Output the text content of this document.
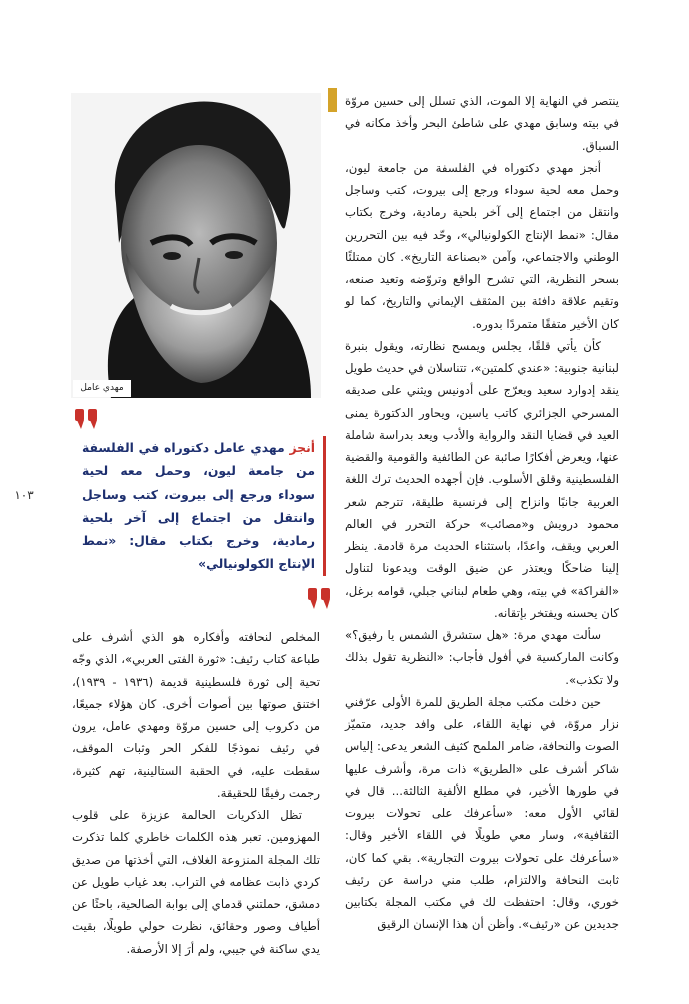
ينتصر في النهاية إلا الموت، الذي تسلل إلى حسين مروّة في بيته وسابق مهدي على شاطئ البحر وأخذ مكانه في السباق.

أنجز مهدي دكتوراه في الفلسفة من جامعة ليون، وحمل معه لحية سوداء ورجع إلى بيروت، كتب وساجل وانتقل من اجتماع إلى آخر بلحية رمادية، وخرج بكتاب مقال: «نمط الإنتاج الكولونيالي»، وحّد فيه بين التحررين الوطني والاجتماعي، وآمن «بصناعة التاريخ». كان ممتلئًا بسحر النظرية، التي تشرح الواقع وتروّضه وتعيد صنعه، وتقيم علاقة دافئة بين المثقف الإيماني والتاريخ، كما لو كان الأخير متفقًا متمردًا بدوره.

كأن يأتي قلقًا، يجلس ويمسح نظارته، ويقول بنبرة لبنانية جنوبية: «عندي كلمتين»، تتناسلان في حديث طويل ينقد إدوارد سعيد ويعرّج على أدونيس ويثني على صديقه المسرحي الجزائري كاتب ياسين، ويحاور الدكتورة يمنى العيد في قضايا النقد والرواية والأدب ويعد بدراسة شاملة عنها، ويعرض أفكارًا صائبة عن الطائفية والقومية والقضية الفلسطينية وقلق الأسلوب. فإن أجهده الحديث ترك اللغة العربية جانبًا وانزاح إلى فرنسية طليقة، تترجم شعر محمود درويش و«مصائب» حركة التحرر في العالم العربي ويقف، واعدًا، باستثناء الحديث مرة قادمة. ينظر إلينا ضاحكًا ويعتذر عن ضيق الوقت ويدعونا لتناول «الفراكة» في بيته، وهي طعام لبناني جبلي، قوامه برغل، كان يحسنه ويفتخر بإتقانه.

سألت مهدي مرة: «هل ستشرق الشمس يا رفيق؟» وكانت الماركسية في أفول فأجاب: «النظرية تقول بذلك ولا تكذب».

حين دخلت مكتب مجلة الطريق للمرة الأولى عرّفني نزار مروّة، في نهاية اللقاء، على وافد جديد، متميّز الصوت والنحافة، ضامر الملمح كثيف الشعر يدعى: إلياس شاكر أشرف على «الطريق» ذات مرة، وأشرف عليها في طورها الأخير، في مطلع الألفية الثالثة... قال في لقائي الأول معه: «سأعرفك على تحولات بيروت الثقافية»، وسار معي طويلًا في اللقاء الأخير وقال: «سأعرفك على تحولات بيروت التجارية». بقي كما كان، ثابت النحافة والالتزام، طلب مني دراسة عن رئيف خوري، وقال: احتفظت لك في مكتب المجلة بكتابين جديدين عن «رئيف». وأظن أن هذا الإنسان الرقيق

مهدي عامل
أنجز مهدي عامل دكتوراه في الفلسفة من جامعة ليون، وحمل معه لحية سوداء ورجع إلى بيروت، كتب وساجل وانتقل من اجتماع إلى آخر بلحية رمادية، وخرج بكتاب مقال: «نمط الإنتاج الكولونيالي»
١٠٣

المخلص لنحافته وأفكاره هو الذي أشرف على طباعة كتاب رئيف: «ثورة الفتى العربي»، الذي وجّه تحية إلى ثورة فلسطينية قديمة (١٩٣٦ - ١٩٣٩)، اختنق صوتها بين أصوات أخرى. كان هؤلاء جميعًا، من دكروب إلى حسين مروّة ومهدي عامل، يرون في رئيف نموذجًا للفكر الحر وثبات الموقف، سقطت عليه، في الحقبة الستالينية، تهم كثيرة، رجمت رفيقًا للحقيقة.

تظل الذكريات الحالمة عزيزة على قلوب المهزومين. تعبر هذه الكلمات خاطري كلما تذكرت تلك المجلة المنزوعة الغلاف، التي أخذتها من صديق كردي ذابت عظامه في التراب. بعد غياب طويل عن دمشق، حملتني قدماي إلى بوابة الصالحية، باحثًا عن أطياف وصور وحقائق، نظرت حولي طويلًا، بقيت يدي ساكنة في جيبي، ولم أرَ إلا الأرصفة.
